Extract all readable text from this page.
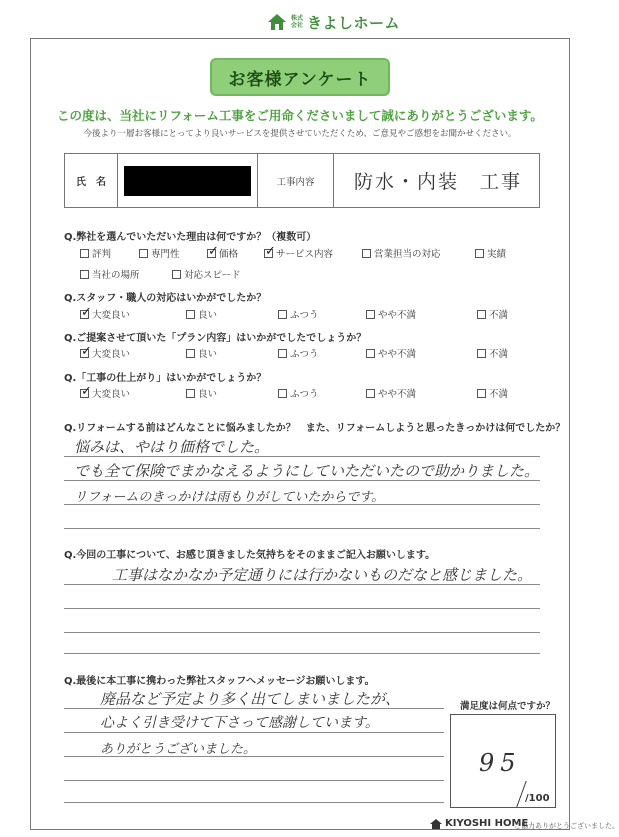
株式会社 きよしホーム
お客様アンケート
この度は、当社にリフォーム工事をご用命くださいまして誠にありがとうございます。
今後より一層お客様にとってより良いサービスを提供させていただくため、ご意見やご感想をお聞かせください。
氏　名	工事内容	防水・内装　工事
Q.弊社を選んでいただいた理由は何ですか？（複数可）
評判	専門性 ✓	価格 ✓	サービス内容	営業担当の対応	実績
当社の場所	対応スピード
Q.スタッフ・職人の対応はいかがでしたか？
✓大変良い	良い	ふつう	やや不満	不満
Q.ご提案させて頂いた「プラン内容」はいかがでしたでしょうか？
✓大変良い	良い	ふつう	やや不満	不満
Q.「工事の仕上がり」はいかがでしょうか？
✓大変良い	良い	ふつう	やや不満	不満
Q.リフォームする前はどんなことに悩みましたか？　また、リフォームしようと思ったきっかけは何でしたか？
悩みは、やはり価格でした。
でも全て保険でまかなえるようにしていただいたので助かりました。
リフォームのきっかけは雨もりがしていたからです。
Q.今回の工事について、お感じ頂きました気持ちをそのままご記入お願いします。
工事はなかなか予定通りには行かないものだなと感じました。
Q.最後に本工事に携わった弊社スタッフへメッセージお願いします。
廃品など予定より多く出てしまいましたが、
心よく引き受けて下さって感謝しています。
ありがとうございました。
満足度は何点ですか？
95
/100
KIYOSHI HOME
ご協力ありがとうございました。
